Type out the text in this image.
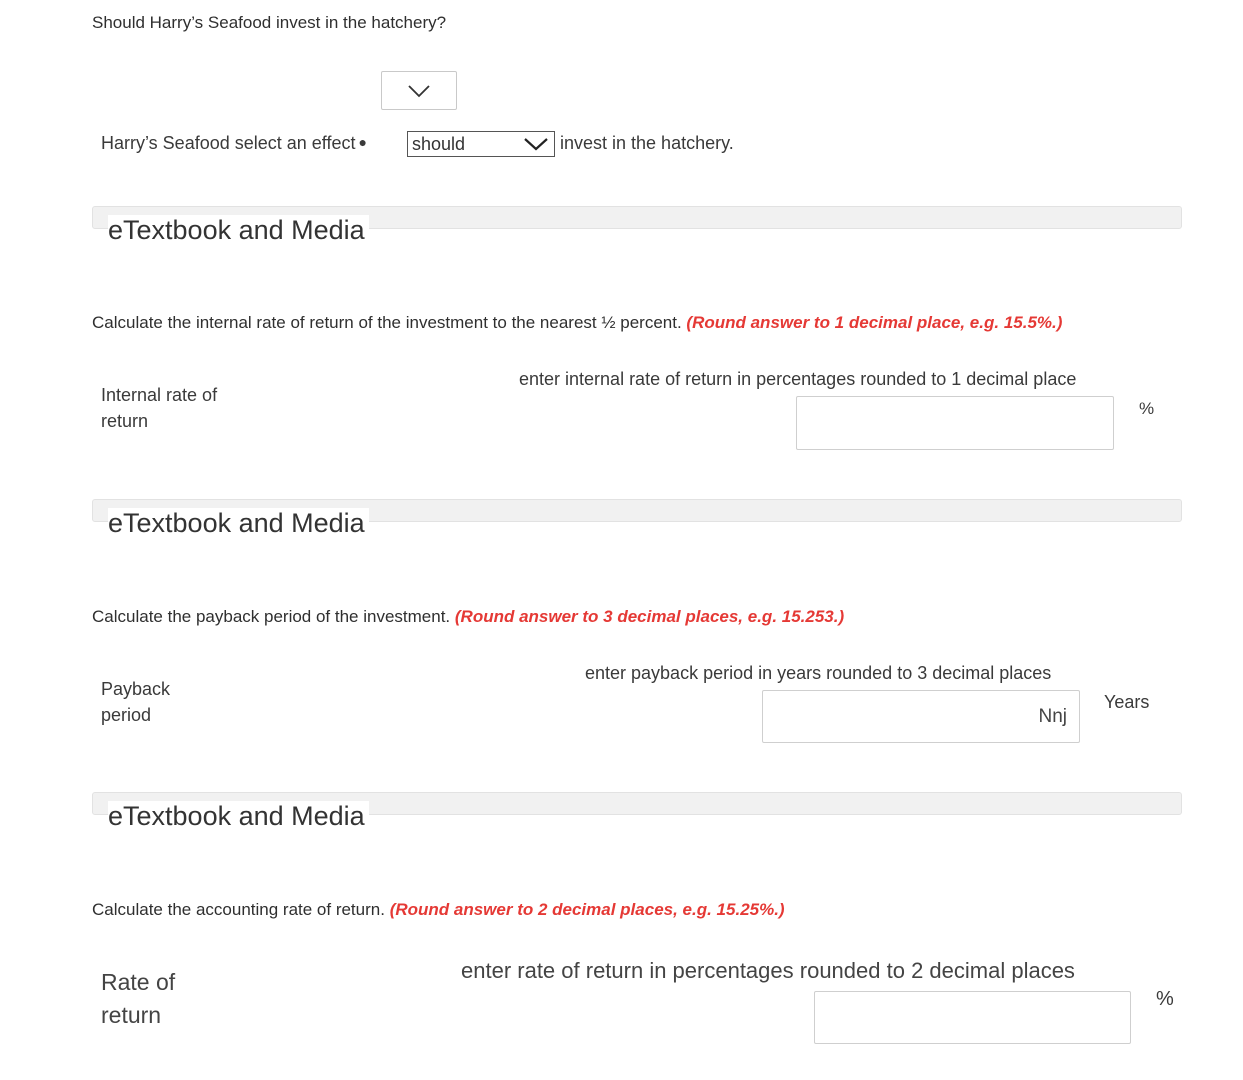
Should Harry’s Seafood invest in the hatchery?
Harry’s Seafood select an effect ●	should	invest in the hatchery.
eTextbook and Media
Calculate the internal rate of return of the investment to the nearest ½ percent. (Round answer to 1 decimal place, e.g. 15.5%.)
Internal rate of
return
enter internal rate of return in percentages rounded to 1 decimal place
%
eTextbook and Media
Calculate the payback period of the investment. (Round answer to 3 decimal places, e.g. 15.253.)
Payback
period
enter payback period in years rounded to 3 decimal places
Nnj
Years
eTextbook and Media
Calculate the accounting rate of return. (Round answer to 2 decimal places, e.g. 15.25%.)
Rate of
return
enter rate of return in percentages rounded to 2 decimal places
%
